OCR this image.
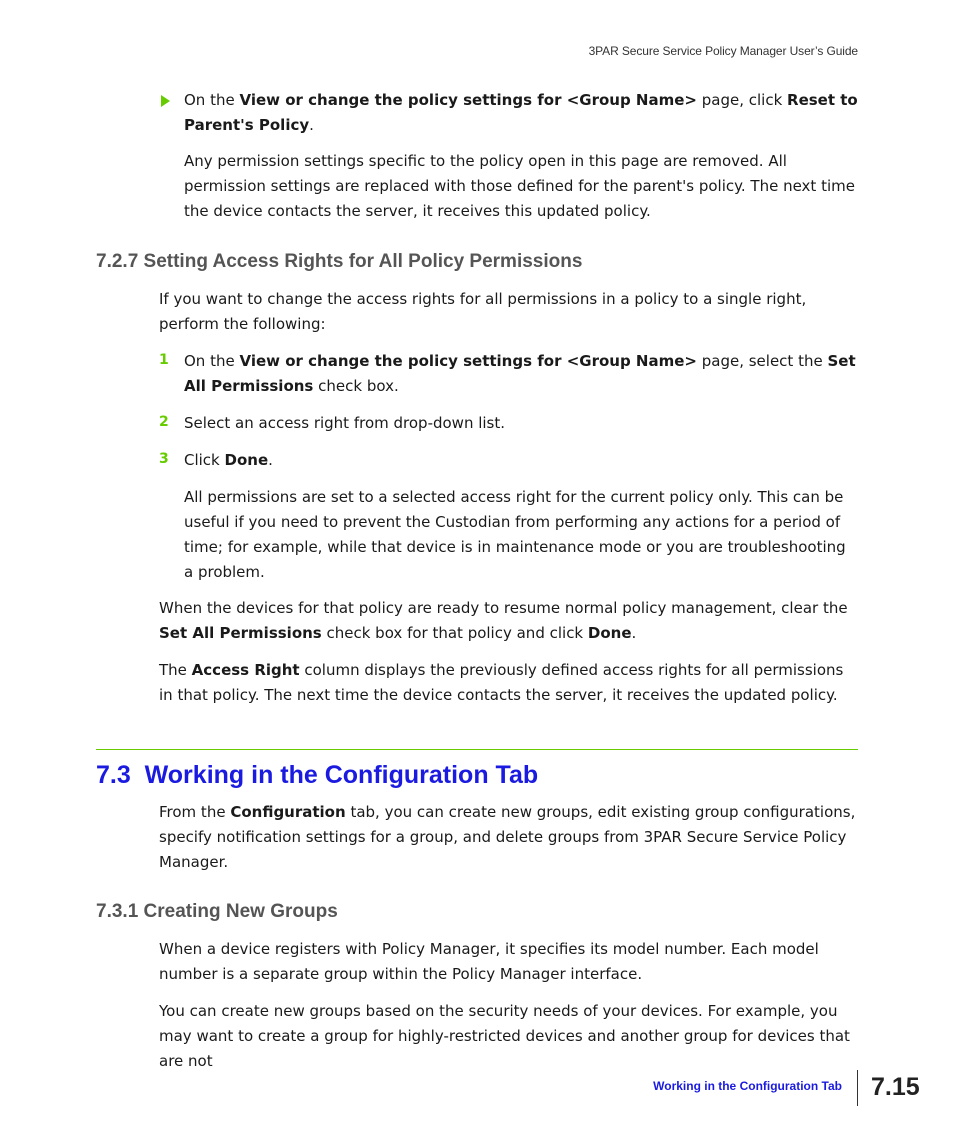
3PAR Secure Service Policy Manager User’s Guide

On the View or change the policy settings for <Group Name> page, click Reset to Parent's Policy.

Any permission settings specific to the policy open in this page are removed. All permission settings are replaced with those defined for the parent's policy. The next time the device contacts the server, it receives this updated policy.

7.2.7 Setting Access Rights for All Policy Permissions

If you want to change the access rights for all permissions in a policy to a single right, perform the following:

1 On the View or change the policy settings for <Group Name> page, select the Set All Permissions check box.

2 Select an access right from drop-down list.

3 Click Done.

All permissions are set to a selected access right for the current policy only. This can be useful if you need to prevent the Custodian from performing any actions for a period of time; for example, while that device is in maintenance mode or you are troubleshooting a problem.

When the devices for that policy are ready to resume normal policy management, clear the Set All Permissions check box for that policy and click Done.

The Access Right column displays the previously defined access rights for all permissions in that policy. The next time the device contacts the server, it receives the updated policy.

7.3  Working in the Configuration Tab

From the Configuration tab, you can create new groups, edit existing group configurations, specify notification settings for a group, and delete groups from 3PAR Secure Service Policy Manager.

7.3.1 Creating New Groups

When a device registers with Policy Manager, it specifies its model number. Each model number is a separate group within the Policy Manager interface.

You can create new groups based on the security needs of your devices. For example, you may want to create a group for highly-restricted devices and another group for devices that are not

Working in the Configuration Tab 7.15
